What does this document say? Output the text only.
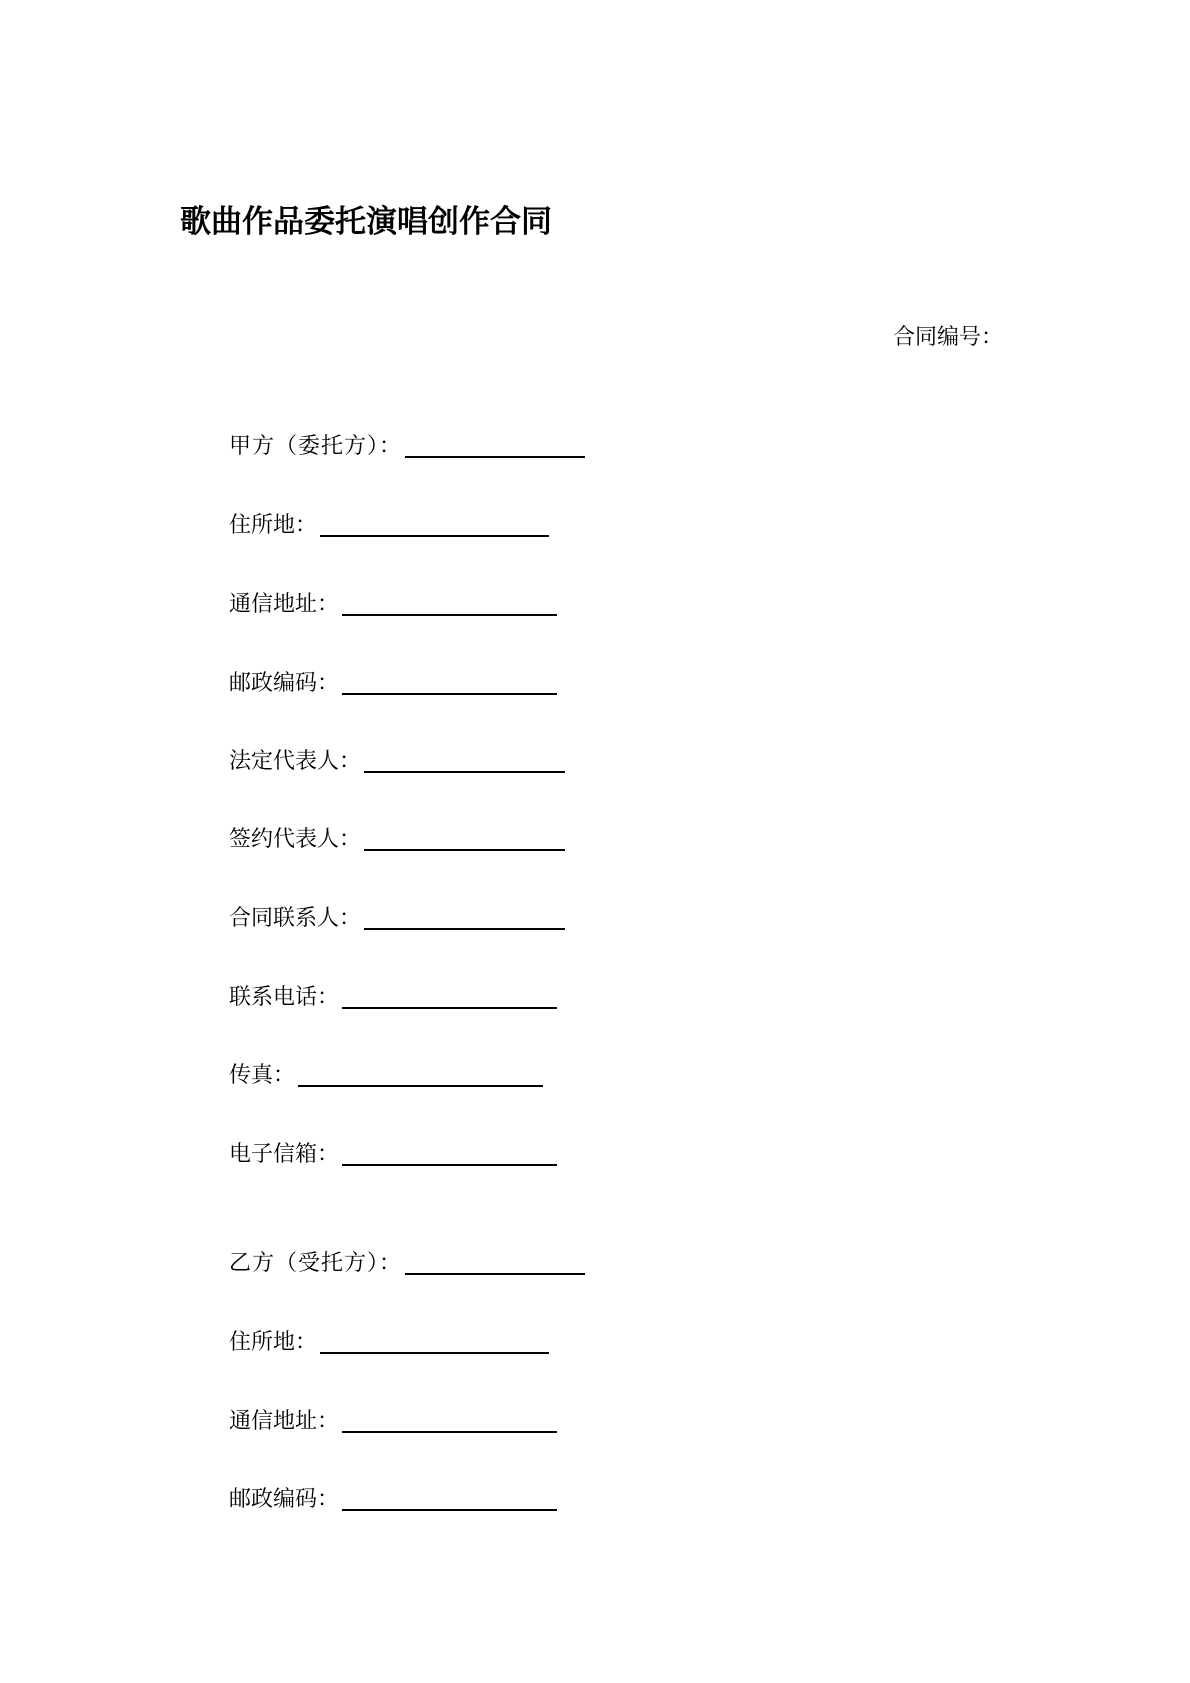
歌曲作品委托演唱创作合同
合同编号：
甲方（委托方）：
住所地：
通信地址：
邮政编码：
法定代表人：
签约代表人：
合同联系人：
联系电话：
传真：
电子信箱：
乙方（受托方）：
住所地：
通信地址：
邮政编码：
